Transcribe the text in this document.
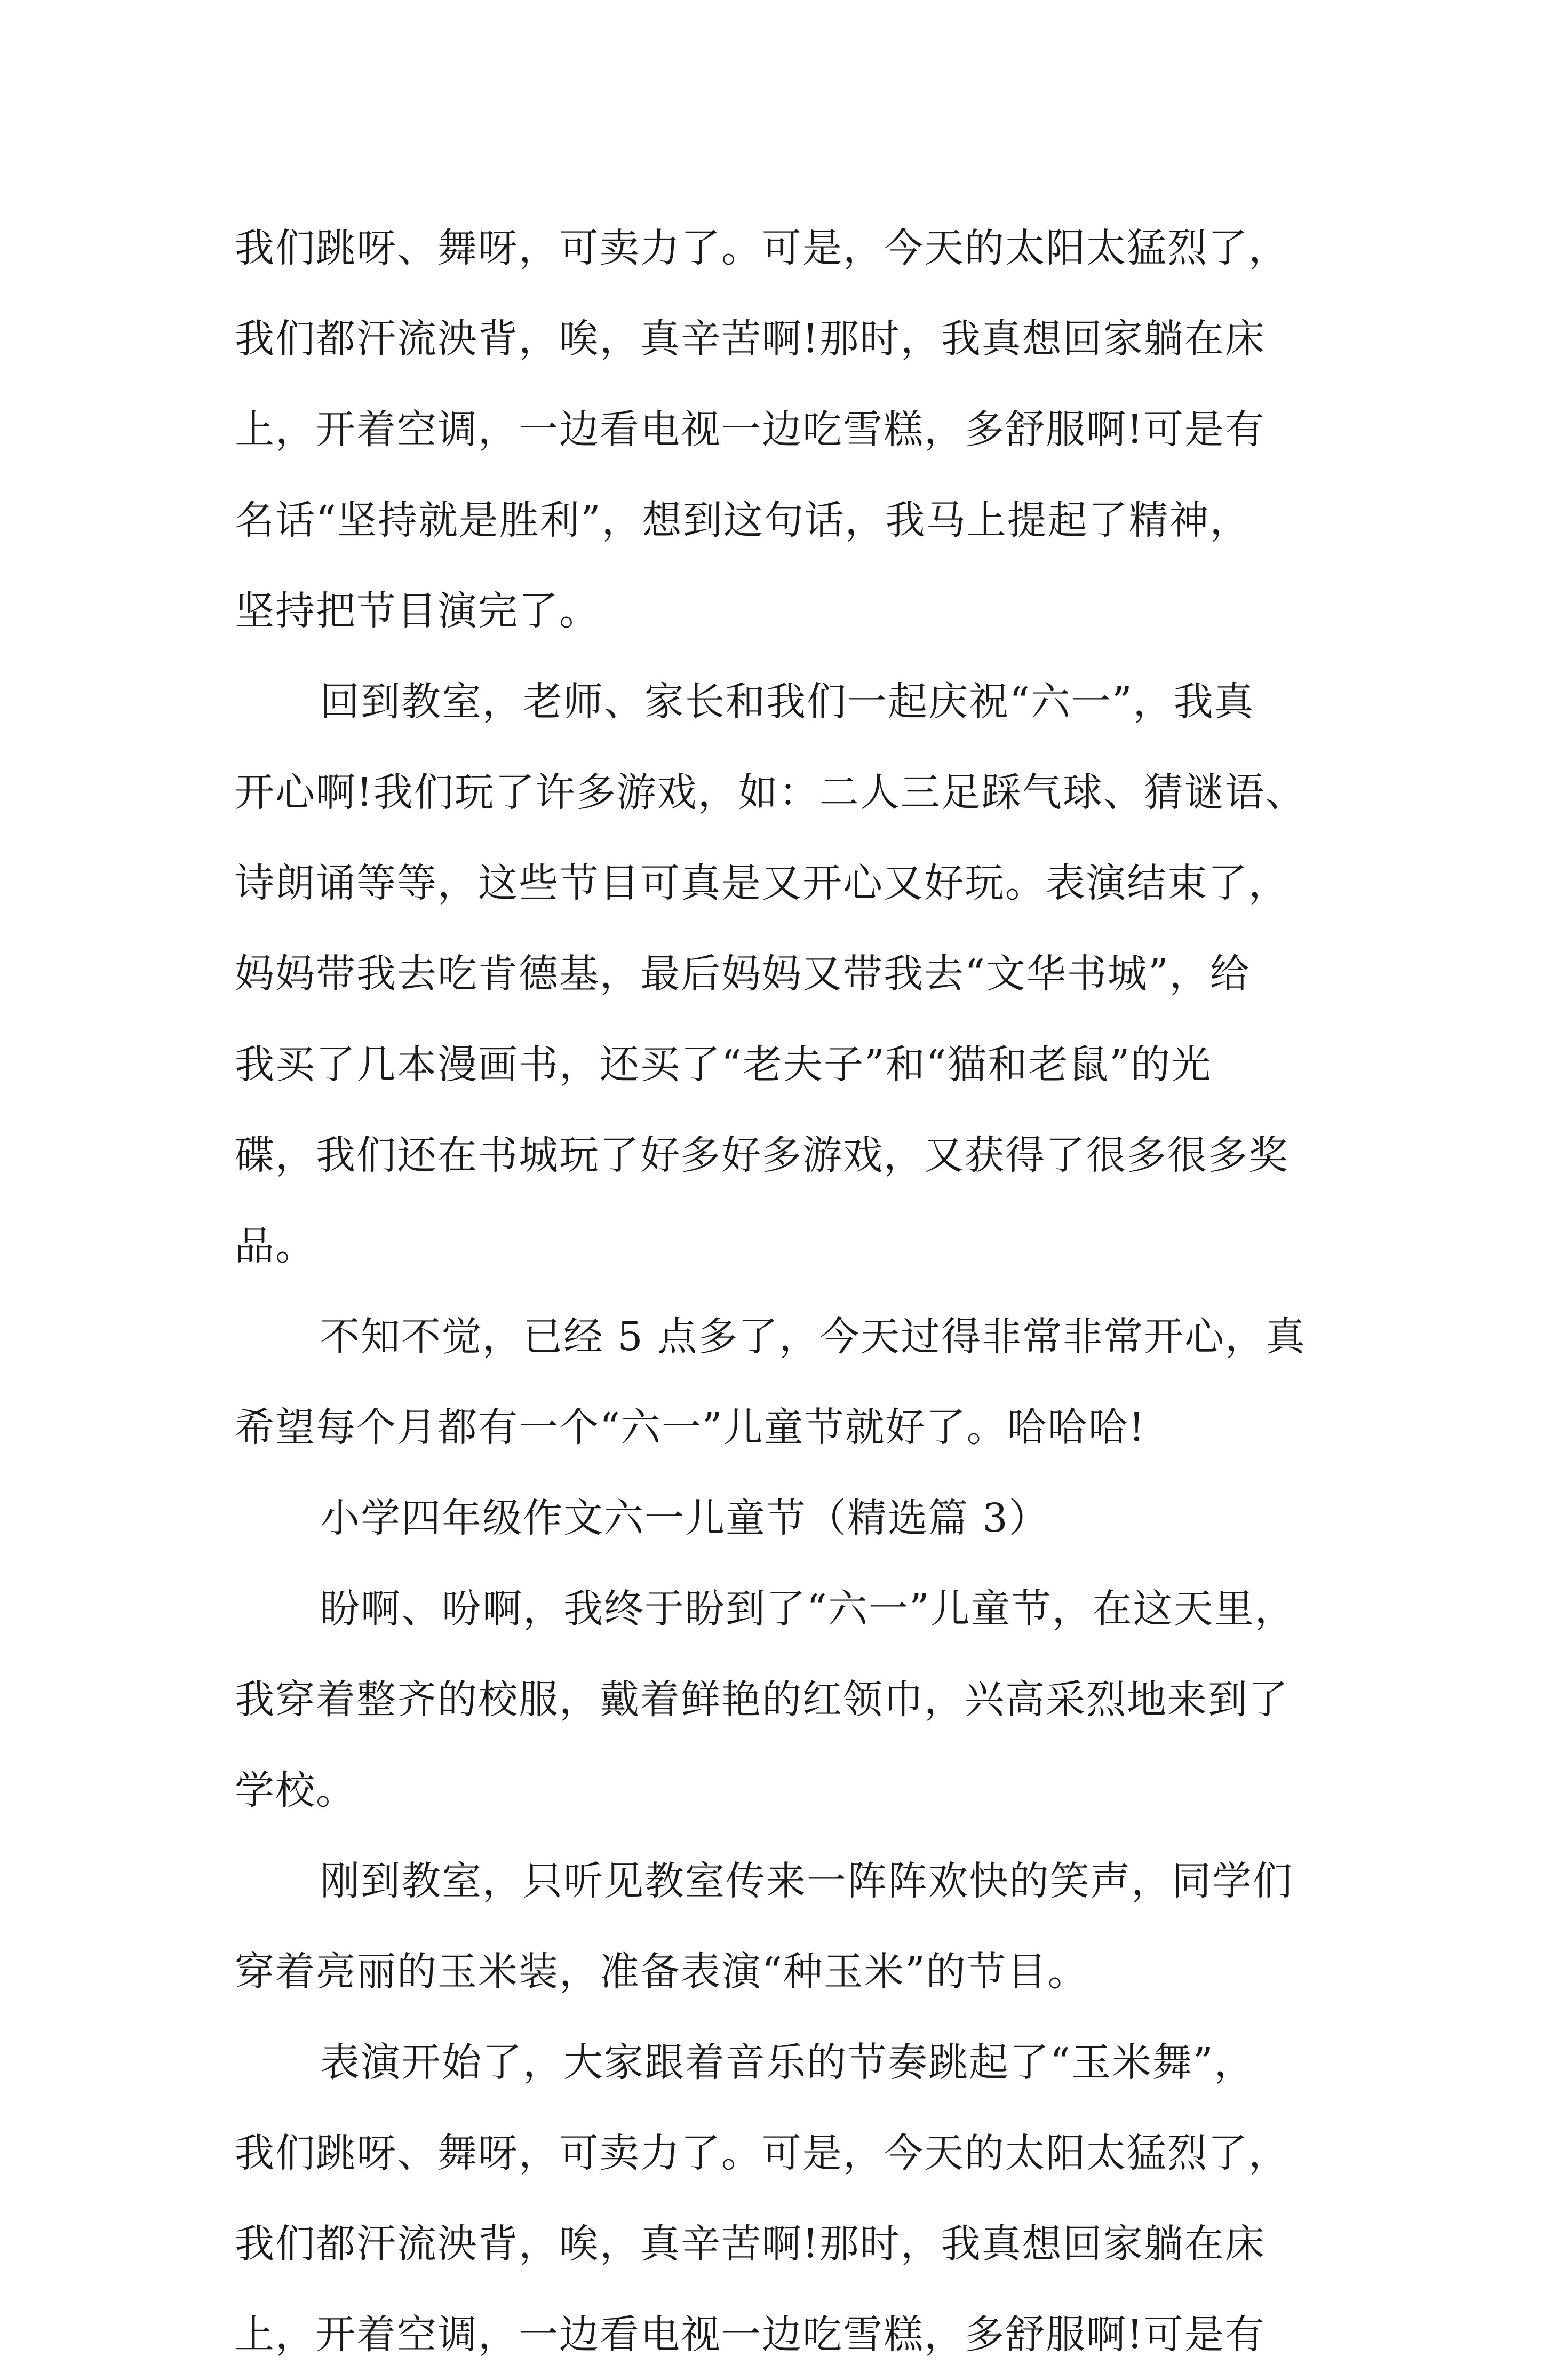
我们跳呀、舞呀，可卖力了。可是，今天的太阳太猛烈了，
我们都汗流泱背，唉，真辛苦啊!那时，我真想回家躺在床
上，开着空调，一边看电视一边吃雪糕，多舒服啊!可是有
名话“坚持就是胜利”，想到这句话，我马上提起了精神，
坚持把节目演完了。
回到教室，老师、家长和我们一起庆祝“六一”，我真
开心啊!我们玩了许多游戏，如：二人三足踩气球、猜谜语、
诗朗诵等等，这些节目可真是又开心又好玩。表演结束了，
妈妈带我去吃肯德基，最后妈妈又带我去“文华书城”，给
我买了几本漫画书，还买了“老夫子”和“猫和老鼠”的光
碟，我们还在书城玩了好多好多游戏，又获得了很多很多奖
品。
不知不觉，已经 5 点多了，今天过得非常非常开心，真
希望每个月都有一个“六一”儿童节就好了。哈哈哈!
小学四年级作文六一儿童节（精选篇 3）
盼啊、吩啊，我终于盼到了“六一”儿童节，在这天里，
我穿着整齐的校服，戴着鲜艳的红领巾，兴高采烈地来到了
学校。
刚到教室，只听见教室传来一阵阵欢快的笑声，同学们
穿着亮丽的玉米装，准备表演“种玉米”的节目。
表演开始了，大家跟着音乐的节奏跳起了“玉米舞”，
我们跳呀、舞呀，可卖力了。可是，今天的太阳太猛烈了，
我们都汗流泱背，唉，真辛苦啊!那时，我真想回家躺在床
上，开着空调，一边看电视一边吃雪糕，多舒服啊!可是有
